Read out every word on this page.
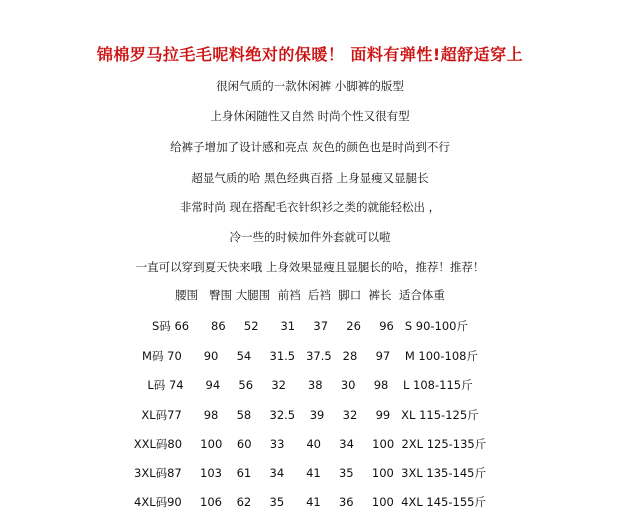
锦棉罗马拉毛毛呢料绝对的保暖！ 面料有弹性!超舒适穿上
很闲气质的一款休闲裤 小脚裤的版型
上身休闲随性又自然 时尚个性又很有型
给裤子增加了设计感和亮点 灰色的颜色也是时尚到不行
超显气质的哈 黑色经典百搭 上身显瘦又显腿长
非常时尚 现在搭配毛衣针织衫之类的就能轻松出 ，
冷一些的时候加件外套就可以啦
一直可以穿到夏天快来哦 上身效果显瘦且显腿长的哈，推荐！推荐！
腰围   臀围 大腿围  前裆  后裆  脚口  裤长  适合体重
S码 66      86     52      31     37     26     96   S 90-100斤
M码 70      90     54     31.5   37.5   28     97    M 100-108斤
L码 74      94     56     32      38     30     98    L 108-115斤
XL码77      98     58     32.5    39     32     99   XL 115-125斤
XXL码80     100    60     33      40     34     100  2XL 125-135斤
3XL码87     103    61     34      41     35     100  3XL 135-145斤
4XL码90     106    62     35      41     36     100  4XL 145-155斤
